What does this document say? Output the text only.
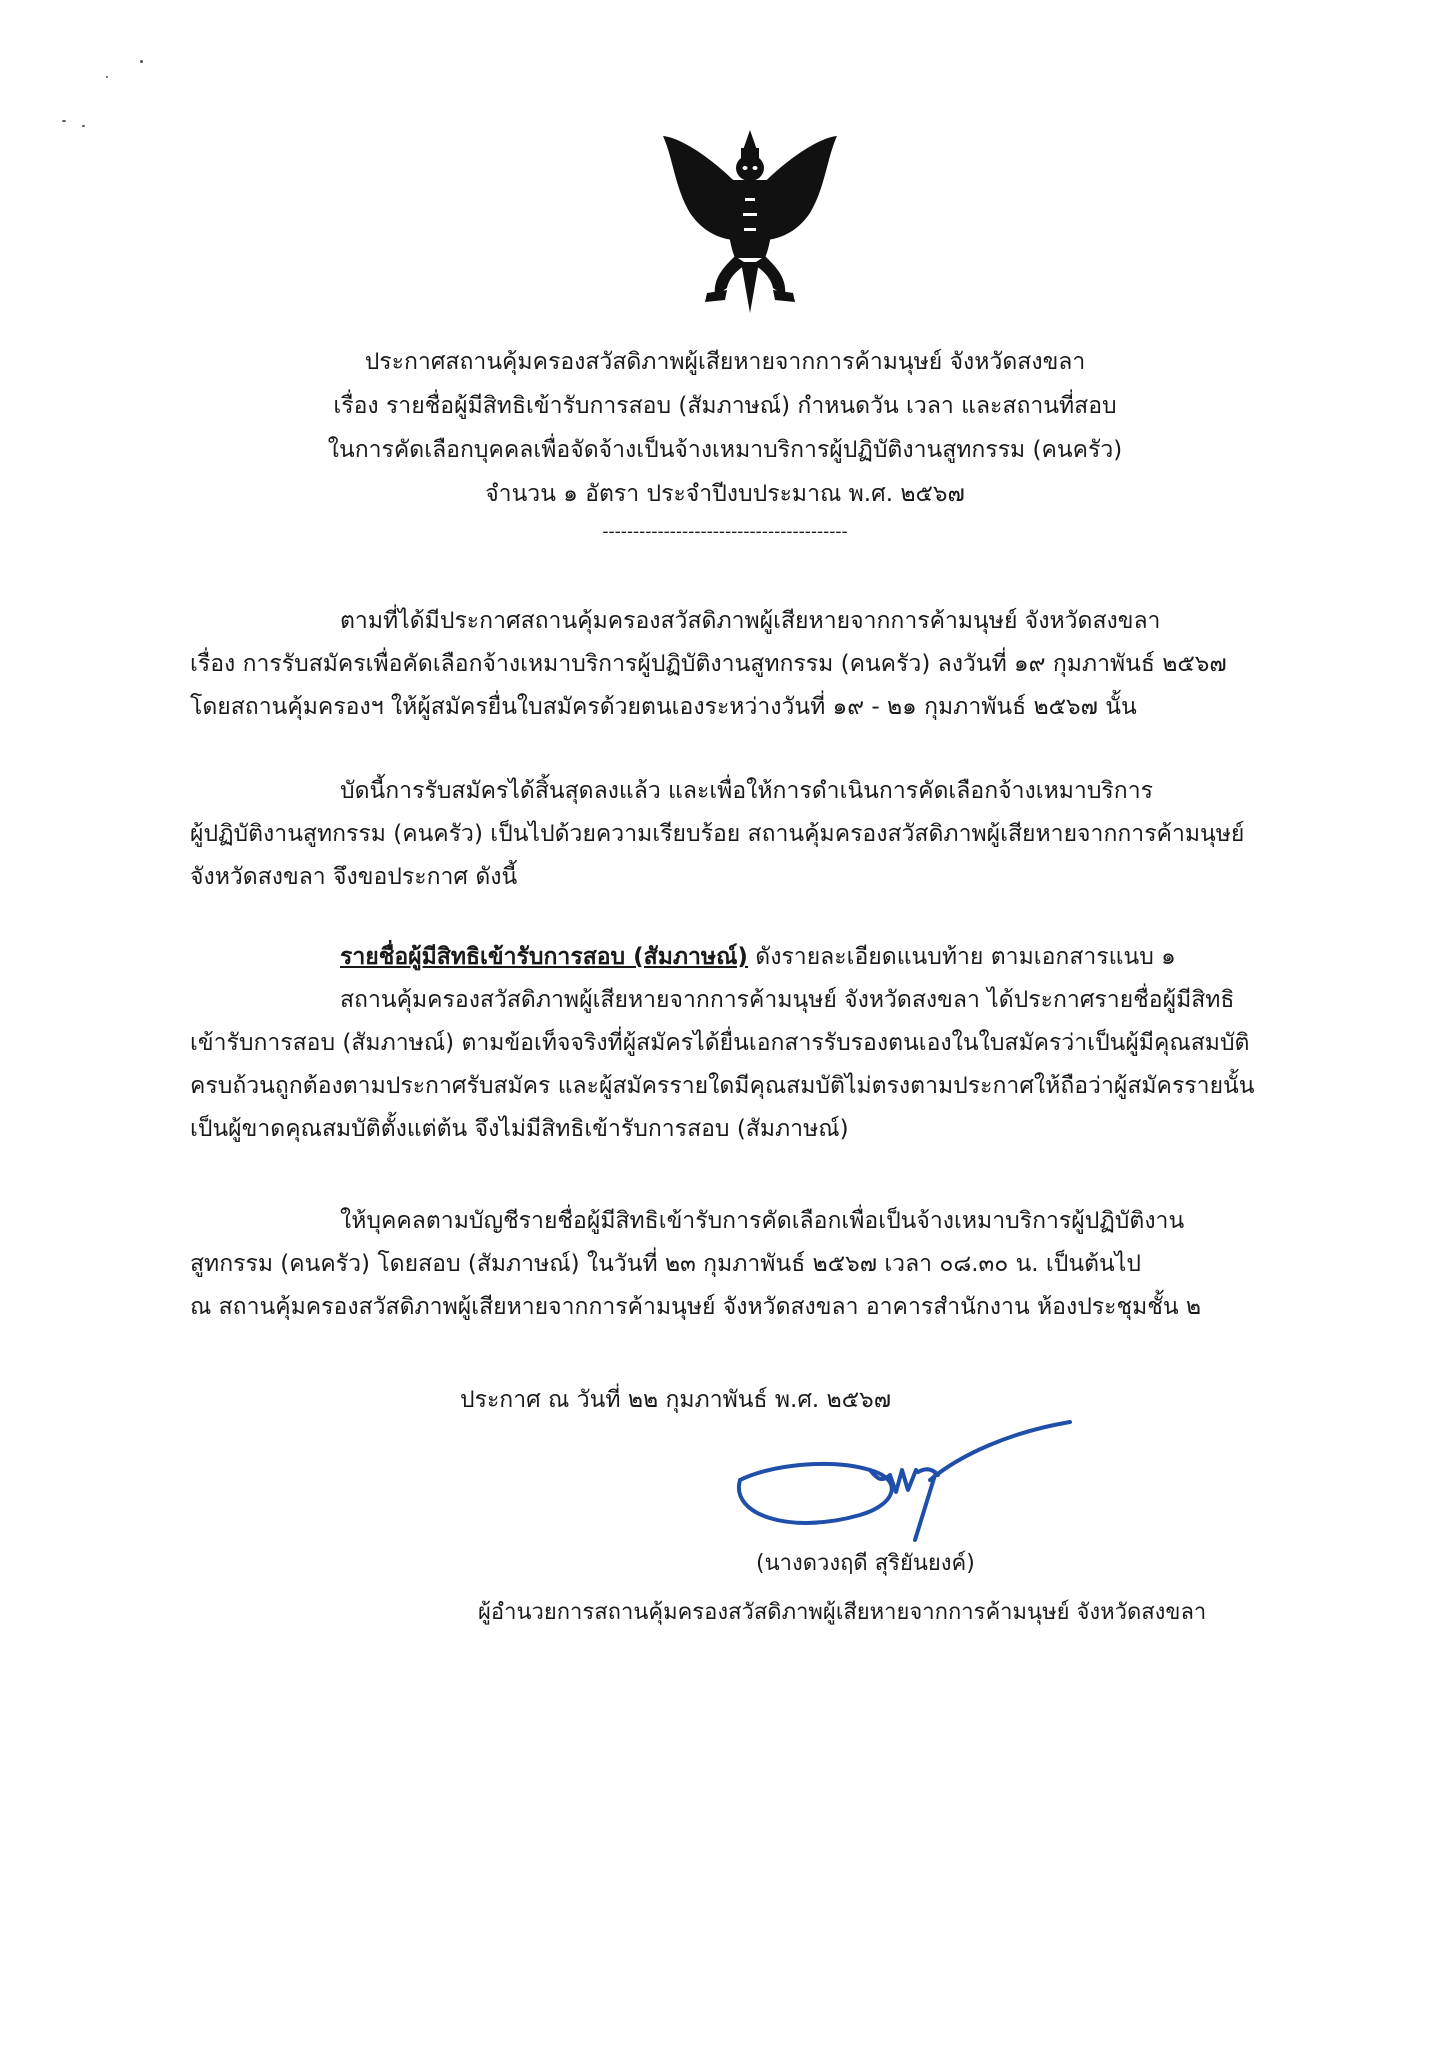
ประกาศสถานคุ้มครองสวัสดิภาพผู้เสียหายจากการค้ามนุษย์ จังหวัดสงขลา
เรื่อง รายชื่อผู้มีสิทธิเข้ารับการสอบ (สัมภาษณ์) กำหนดวัน เวลา และสถานที่สอบ
ในการคัดเลือกบุคคลเพื่อจัดจ้างเป็นจ้างเหมาบริการผู้ปฏิบัติงานสูทกรรม (คนครัว)
จำนวน ๑ อัตรา ประจำปีงบประมาณ พ.ศ. ๒๕๖๗
----------------------------------------
ตามที่ได้มีประกาศสถานคุ้มครองสวัสดิภาพผู้เสียหายจากการค้ามนุษย์ จังหวัดสงขลา
เรื่อง การรับสมัครเพื่อคัดเลือกจ้างเหมาบริการผู้ปฏิบัติงานสูทกรรม (คนครัว) ลงวันที่ ๑๙ กุมภาพันธ์ ๒๕๖๗
โดยสถานคุ้มครองฯ ให้ผู้สมัครยื่นใบสมัครด้วยตนเองระหว่างวันที่ ๑๙ - ๒๑ กุมภาพันธ์ ๒๕๖๗ นั้น
บัดนี้การรับสมัครได้สิ้นสุดลงแล้ว และเพื่อให้การดำเนินการคัดเลือกจ้างเหมาบริการ
ผู้ปฏิบัติงานสูทกรรม (คนครัว) เป็นไปด้วยความเรียบร้อย สถานคุ้มครองสวัสดิภาพผู้เสียหายจากการค้ามนุษย์
จังหวัดสงขลา จึงขอประกาศ ดังนี้
รายชื่อผู้มีสิทธิเข้ารับการสอบ (สัมภาษณ์) ดังรายละเอียดแนบท้าย ตามเอกสารแนบ ๑
สถานคุ้มครองสวัสดิภาพผู้เสียหายจากการค้ามนุษย์ จังหวัดสงขลา ได้ประกาศรายชื่อผู้มีสิทธิ
เข้ารับการสอบ (สัมภาษณ์) ตามข้อเท็จจริงที่ผู้สมัครได้ยื่นเอกสารรับรองตนเองในใบสมัครว่าเป็นผู้มีคุณสมบัติ
ครบถ้วนถูกต้องตามประกาศรับสมัคร และผู้สมัครรายใดมีคุณสมบัติไม่ตรงตามประกาศให้ถือว่าผู้สมัครรายนั้น
เป็นผู้ขาดคุณสมบัติตั้งแต่ต้น จึงไม่มีสิทธิเข้ารับการสอบ (สัมภาษณ์)
ให้บุคคลตามบัญชีรายชื่อผู้มีสิทธิเข้ารับการคัดเลือกเพื่อเป็นจ้างเหมาบริการผู้ปฏิบัติงาน
สูทกรรม (คนครัว) โดยสอบ (สัมภาษณ์) ในวันที่ ๒๓ กุมภาพันธ์ ๒๕๖๗ เวลา ๐๘.๓๐ น. เป็นต้นไป
ณ สถานคุ้มครองสวัสดิภาพผู้เสียหายจากการค้ามนุษย์ จังหวัดสงขลา อาคารสำนักงาน ห้องประชุมชั้น ๒
ประกาศ ณ วันที่ ๒๒ กุมภาพันธ์ พ.ศ. ๒๕๖๗
(นางดวงฤดี สุริยันยงค์)
ผู้อำนวยการสถานคุ้มครองสวัสดิภาพผู้เสียหายจากการค้ามนุษย์ จังหวัดสงขลา
